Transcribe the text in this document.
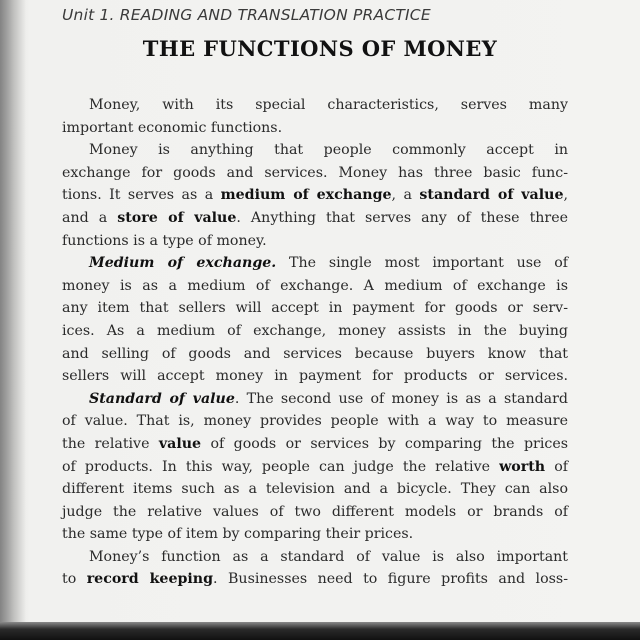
Unit 1. READING AND TRANSLATION PRACTICE
THE FUNCTIONS OF MONEY
Money, with its special characteristics, serves many
important economic functions.
Money is anything that people commonly accept in
exchange for goods and services. Money has three basic func-
tions. It serves as a medium of exchange, a standard of value,
and a store of value. Anything that serves any of these three
functions is a type of money.
Medium of exchange. The single most important use of
money is as a medium of exchange. A medium of exchange is
any item that sellers will accept in payment for goods or serv-
ices. As a medium of exchange, money assists in the buying
and selling of goods and services because buyers know that
sellers will accept money in payment for products or services.
Standard of value. The second use of money is as a standard
of value. That is, money provides people with a way to measure
the relative value of goods or services by comparing the prices
of products. In this way, people can judge the relative worth of
different items such as a television and a bicycle. They can also
judge the relative values of two different models or brands of
the same type of item by comparing their prices.
Money’s function as a standard of value is also important
to record keeping. Businesses need to figure profits and loss-
